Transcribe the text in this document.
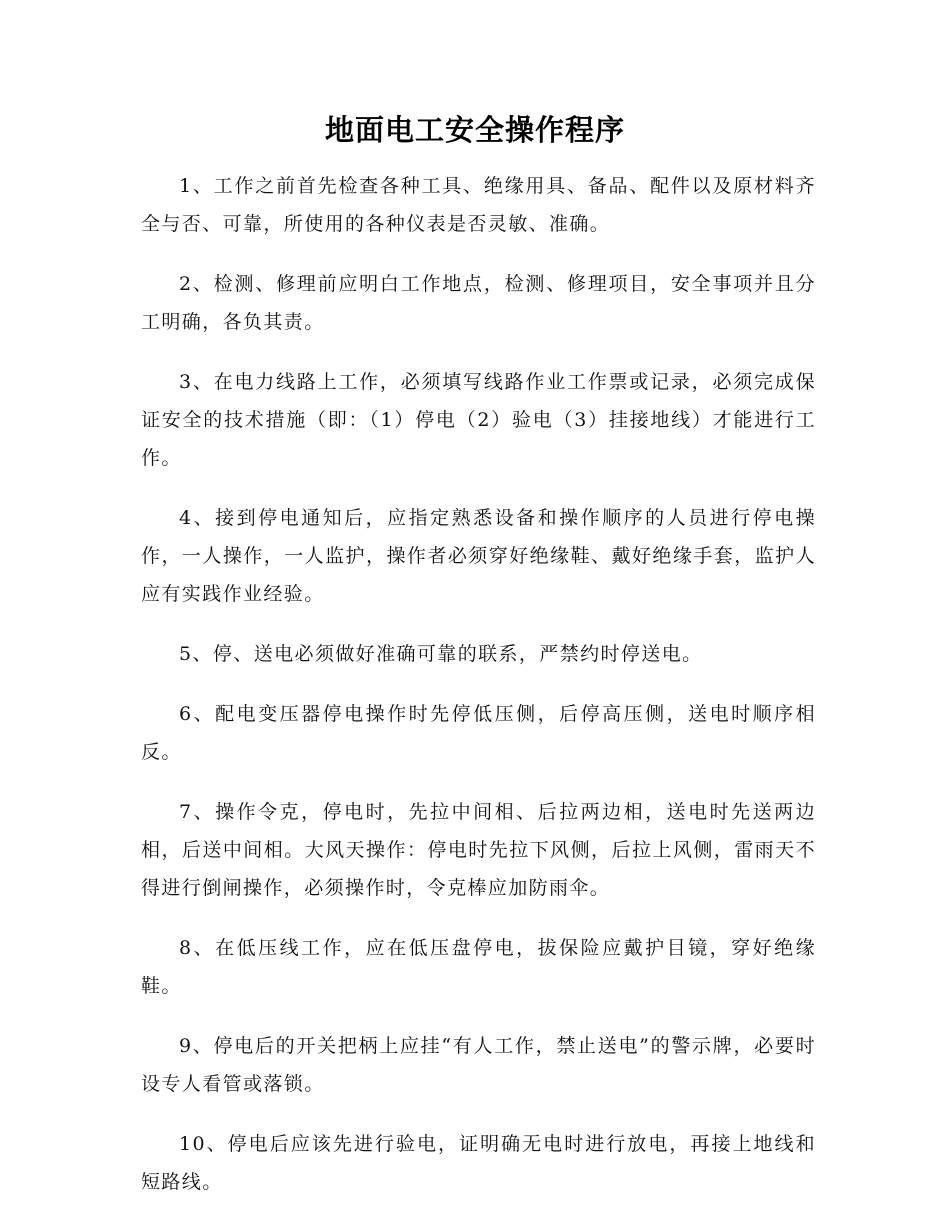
地面电工安全操作程序

1、工作之前首先检查各种工具、绝缘用具、备品、配件以及原材料齐全与否、可靠，所使用的各种仪表是否灵敏、准确。

2、检测、修理前应明白工作地点，检测、修理项目，安全事项并且分工明确，各负其责。

3、在电力线路上工作，必须填写线路作业工作票或记录，必须完成保证安全的技术措施（即：（1）停电（2）验电（3）挂接地线）才能进行工作。

4、接到停电通知后，应指定熟悉设备和操作顺序的人员进行停电操作，一人操作，一人监护，操作者必须穿好绝缘鞋、戴好绝缘手套，监护人应有实践作业经验。

5、停、送电必须做好准确可靠的联系，严禁约时停送电。

6、配电变压器停电操作时先停低压侧，后停高压侧，送电时顺序相反。

7、操作令克，停电时，先拉中间相、后拉两边相，送电时先送两边相，后送中间相。大风天操作：停电时先拉下风侧，后拉上风侧，雷雨天不得进行倒闸操作，必须操作时，令克棒应加防雨伞。

8、在低压线工作，应在低压盘停电，拔保险应戴护目镜，穿好绝缘鞋。

9、停电后的开关把柄上应挂“有人工作，禁止送电”的警示牌，必要时设专人看管或落锁。

10、停电后应该先进行验电，证明确无电时进行放电，再接上地线和短路线。
